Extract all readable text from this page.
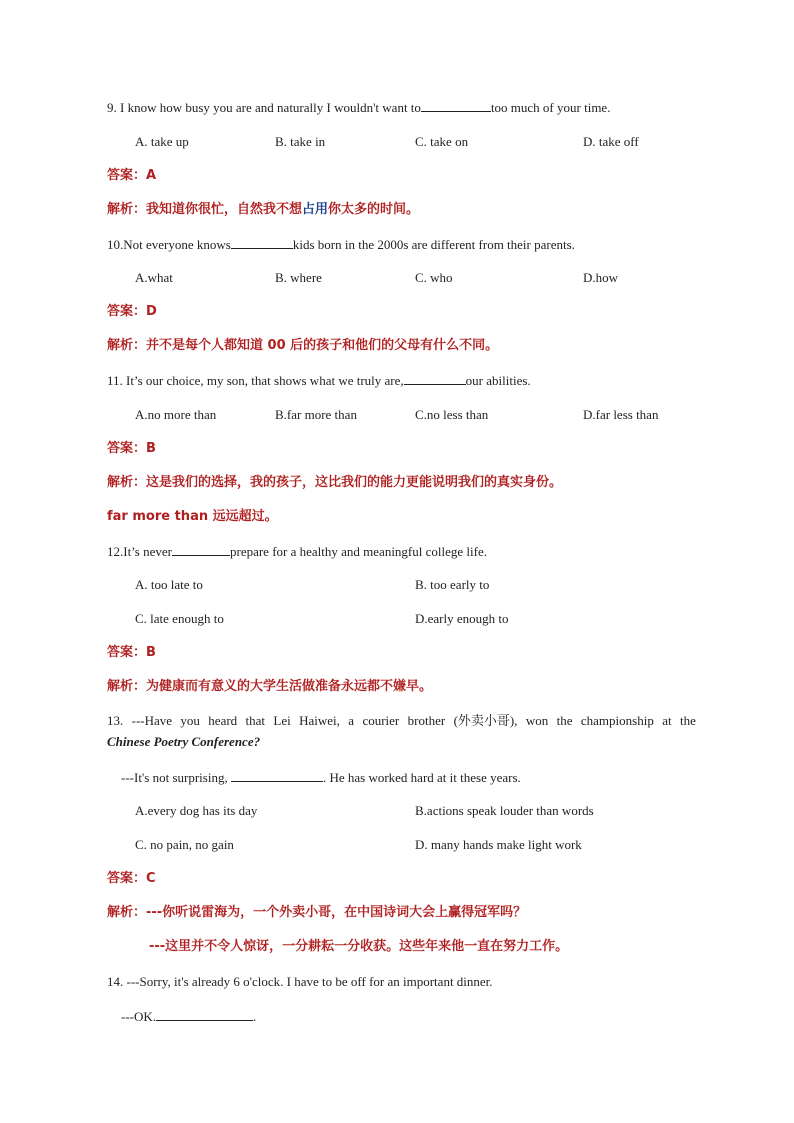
9. I know how busy you are and naturally I wouldn't want to	too much of your time.
A. take up	B. take in	C. take on	D. take off
答案：A
解析：我知道你很忙，自然我不想占用你太多的时间。
10.Not everyone knows	kids born in the 2000s are different from their parents.
A.what	B. where	C. who	D.how
答案：D
解析：并不是每个人都知道 00 后的孩子和他们的父母有什么不同。
11. It’s our choice, my son, that shows what we truly are,	our abilities.
A.no more than	B.far more than	C.no less than	D.far less than
答案：B
解析：这是我们的选择，我的孩子，这比我们的能力更能说明我们的真实身份。
far more than 远远超过。
12.It’s never	prepare for a healthy and meaningful college life.
A. too late to	B. too early to
C. late enough to	D.early enough to
答案：B
解析：为健康而有意义的大学生活做准备永远都不嫌早。
13. ---Have you heard that Lei Haiwei, a courier brother (外卖小哥), won the championship at the
Chinese Poetry Conference?
---It's not surprising,	. He has worked hard at it these years.
A.every dog has its day	B.actions speak louder than words
C. no pain, no gain	D. many hands make light work
答案：C
解析：---你听说雷海为，一个外卖小哥，在中国诗词大会上赢得冠军吗？
---这里并不令人惊讶，一分耕耘一分收获。这些年来他一直在努力工作。
14. ---Sorry, it's already 6 o'clock. I have to be off for an important dinner.
---OK.	.
